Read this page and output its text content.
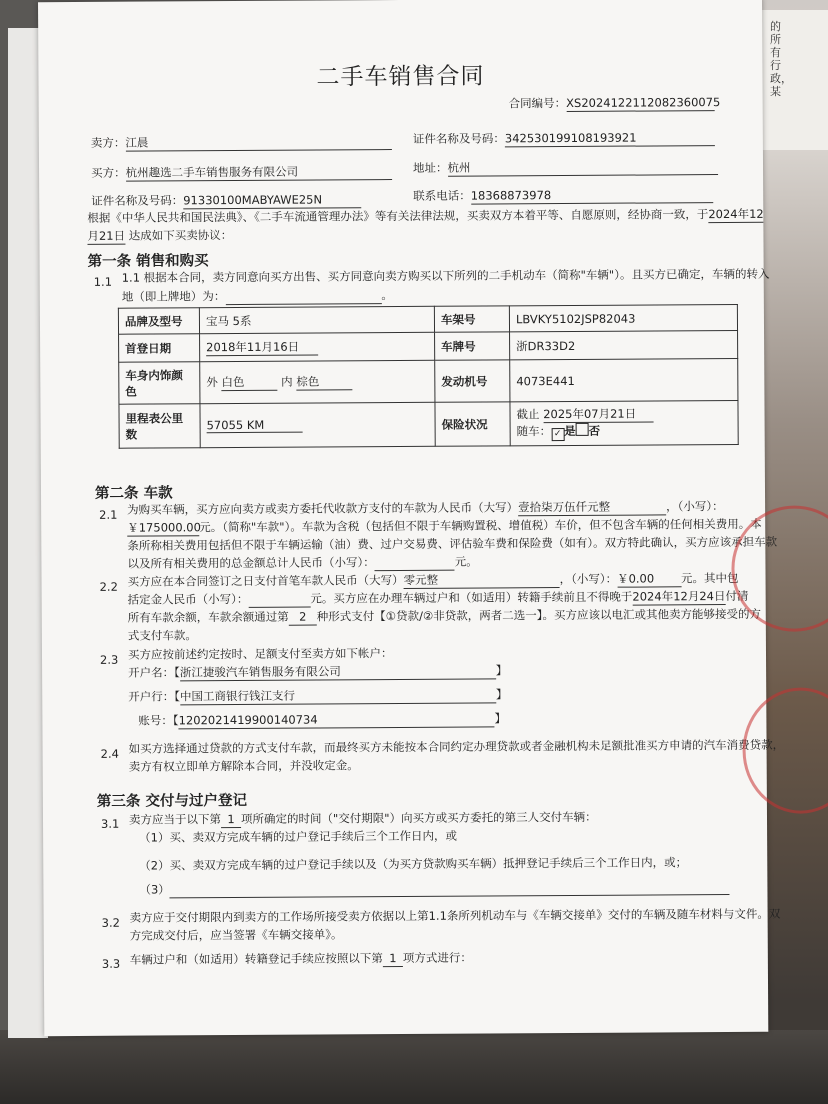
的所有行政，某
二手车销售合同
合同编号：XS2024122112082360075
卖方：江晨	证件名称及号码：342530199108193921
买方：杭州趣选二手车销售服务有限公司	地址：杭州
证件名称及号码：91330100MABYAWE25N	联系电话：18368873978
根据《中华人民共和国民法典》、《二手车流通管理办法》等有关法律法规，买卖双方本着平等、自愿原则，经协商一致，于2024年12
月21日 达成如下买卖协议：
第一条 销售和购买
1.1 1.1 根据本合同，卖方同意向买方出售、买方同意向卖方购买以下所列的二手机动车（简称"车辆"）。且买方已确定，车辆的转入
地（即上牌地）为：	。
品牌及型号	宝马 5系	车架号	LBVKY5102JSP82043
首登日期	2018年11月16日	车牌号	浙DR33D2
车身内饰颜
色	外 白色 内 棕色	发动机号	4073E441
里程表公里
数	57055 KM	保险状况	截止 2025年07月21日
随车： ✓ 是 否
第二条 车款
2.1 为购买车辆，买方应向卖方或卖方委托代收款方支付的车款为人民币（大写）壹拾柒万伍仟元整	，（小写）：
￥175000.00元。（简称"车款"）。车款为含税（包括但不限于车辆购置税、增值税）车价，但不包含车辆的任何相关费用。本
条所称相关费用包括但不限于车辆运输（油）费、过户交易费、评估验车费和保险费（如有）。双方特此确认，买方应该承担车款
以及所有相关费用的总金额总计人民币（小写）：	元。
2.2 买方应在本合同签订之日支付首笔车款人民币（大写）零元整	，（小写）：￥0.00 元。其中包
括定金人民币（小写）：	元。买方应在办理车辆过户和（如适用）转籍手续前且不得晚于2024年12月24日付清
所有车款余额，车款余额通过第 2 种形式支付【①贷款/②非贷款，两者二选一】。买方应该以电汇或其他卖方能够接受的方
式支付车款。
2.3 买方应按前述约定按时、足额支付至卖方如下帐户：
开户名：【浙江捷骏汽车销售服务有限公司	】
开户行：【中国工商银行钱江支行	】
账号：【1202021419900140734	】
2.4 如买方选择通过贷款的方式支付车款，而最终买方未能按本合同约定办理贷款或者金融机构未足额批准买方申请的汽车消费贷款，
卖方有权立即单方解除本合同，并没收定金。
第三条 交付与过户登记
3.1 卖方应当于以下第 1 项所确定的时间（"交付期限"）向买方或买方委托的第三人交付车辆：
（1）买、卖双方完成车辆的过户登记手续后三个工作日内，或
（2）买、卖双方完成车辆的过户登记手续以及（为买方贷款购买车辆）抵押登记手续后三个工作日内，或；
（3）
3.2 卖方应于交付期限内到卖方的工作场所接受卖方依据以上第1.1条所列机动车与《车辆交接单》交付的车辆及随车材料与文件。双
方完成交付后，应当签署《车辆交接单》。
3.3 车辆过户和（如适用）转籍登记手续应按照以下第 1 项方式进行：
